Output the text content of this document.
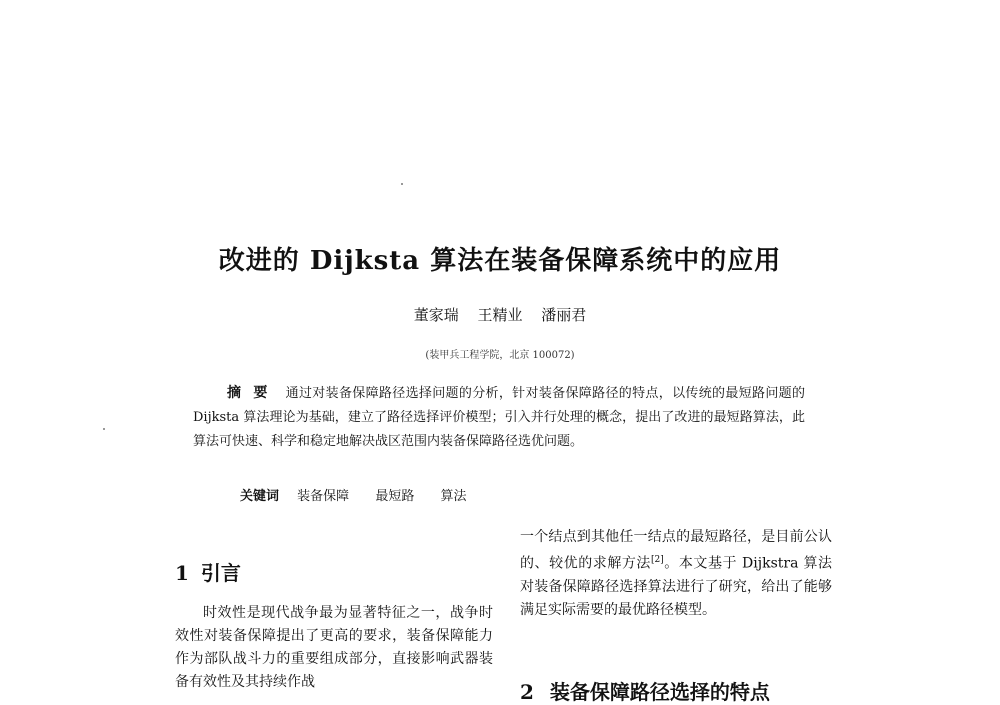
改进的 Dijksta 算法在装备保障系统中的应用
董家瑞 王精业 潘丽君
(装甲兵工程学院，北京 100072)
摘要 通过对装备保障路径选择问题的分析，针对装备保障路径的特点，以传统的最短路问题的 Dijksta 算法理论为基础，建立了路径选择评价模型；引入并行处理的概念，提出了改进的最短路算法，此算法可快速、科学和稳定地解决战区范围内装备保障路径选优问题。
关键词 装备保障 最短路 算法
1 引言
时效性是现代战争最为显著特征之一，战争时效性对装备保障提出了更高的要求，装备保障能力作为部队战斗力的重要组成部分，直接影响武器装备有效性及其持续作战
一个结点到其他任一结点的最短路径，是目前公认的、较优的求解方法[2]。本文基于 Dijkstra 算法对装备保障路径选择算法进行了研究，给出了能够满足实际需要的最优路径模型。
2 装备保障路径选择的特点
